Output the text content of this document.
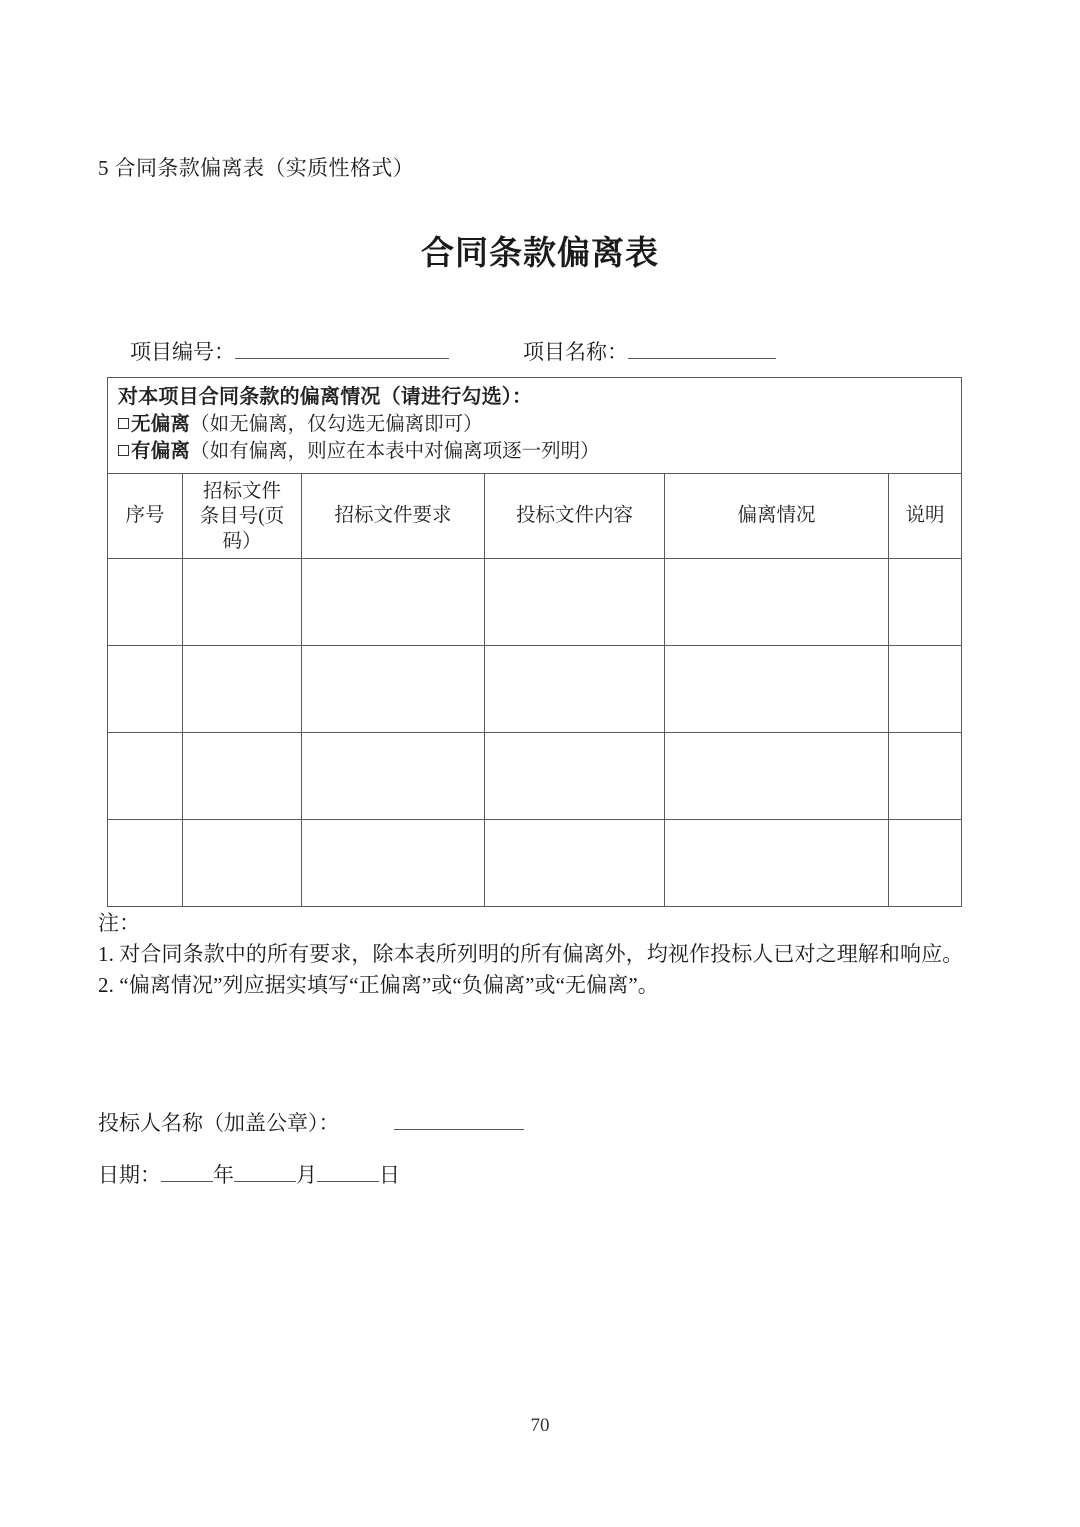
5 合同条款偏离表（实质性格式）
合同条款偏离表
项目编号：	项目名称：
对本项目合同条款的偏离情况（请进行勾选）：
无偏离（如无偏离，仅勾选无偏离即可）
有偏离（如有偏离，则应在本表中对偏离项逐一列明）					

序号	招标文件
条目号(页
码）	招标文件要求	投标文件内容	偏离情况	说明

注：
1. 对合同条款中的所有要求，除本表所列明的所有偏离外，均视作投标人已对之理解和响应。
2. “偏离情况”列应据实填写“正偏离”或“负偏离”或“无偏离”。
投标人名称（加盖公章）：
日期： 年	月	日
70
